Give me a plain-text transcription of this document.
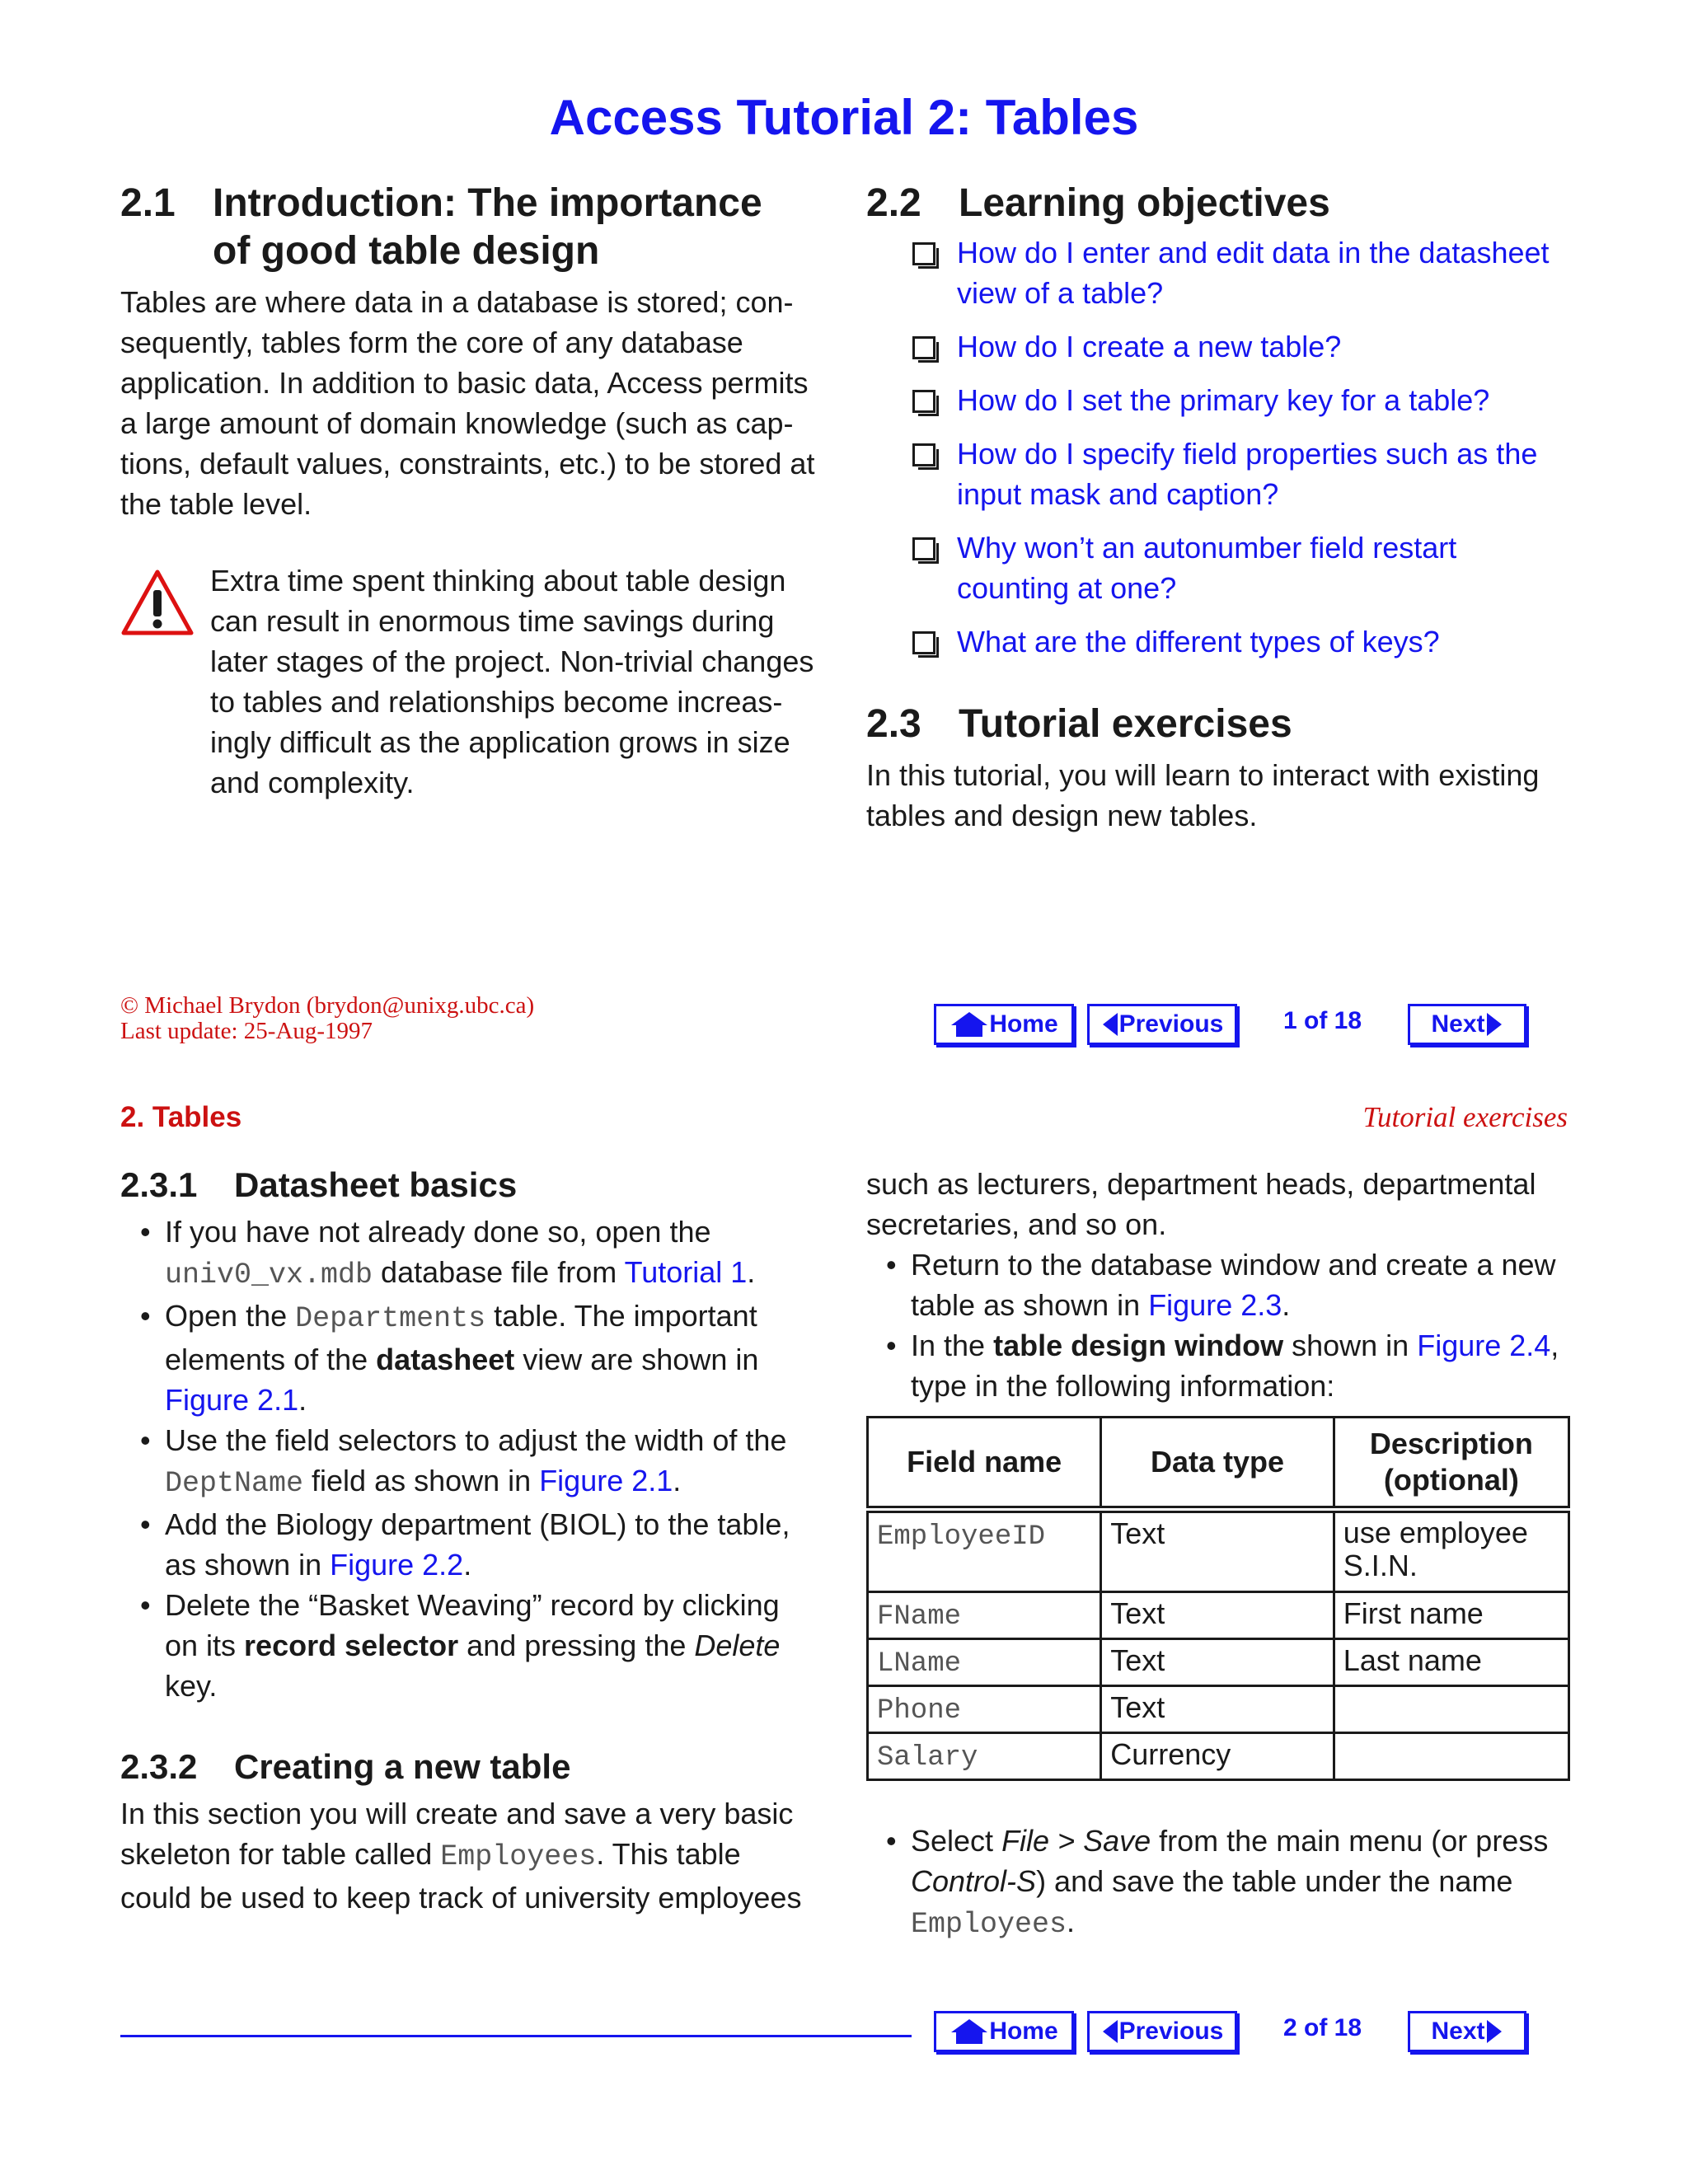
Access Tutorial 2: Tables
2.1 Introduction: The importance
of good table design

Tables are where data in a database is stored; con-

sequently, tables form the core of any database

application. In addition to basic data, Access permits

a large amount of domain knowledge (such as cap-

tions, default values, constraints, etc.) to be stored at

the table level.

Extra time spent thinking about table design

can result in enormous time savings during

later stages of the project. Non-trivial changes

to tables and relationships become increas-

ingly difficult as the application grows in size

and complexity.

2.2 Learning objectives
How do I enter and edit data in the datasheet
view of a table?
How do I create a new table?
How do I set the primary key for a table?
How do I specify field properties such as the
input mask and caption?
Why won’t an autonumber field restart
counting at one?
What are the different types of keys?
2.3 Tutorial exercises

In this tutorial, you will learn to interact with existing

tables and design new tables.

© Michael Brydon (brydon@unixg.ubc.ca)
Last update: 25-Aug-1997	Home Previous 1 of 18	Next
2. Tables	Tutorial exercises
2.3.1 Datasheet basics
• If you have not already done so, open the
univ0_vx.mdb database file from Tutorial 1.
• Open the Departments table. The important
elements of the datasheet view are shown in
Figure 2.1.
• Use the field selectors to adjust the width of the
DeptName field as shown in Figure 2.1.
• Add the Biology department (BIOL) to the table,
as shown in Figure 2.2.
• Delete the “Basket Weaving” record by clicking
on its record selector and pressing the Delete
key.
2.3.2 Creating a new table

In this section you will create and save a very basic

skeleton for table called Employees. This table

could be used to keep track of university employees

such as lecturers, department heads, departmental

secretaries, and so on.

• Return to the database window and create a new
table as shown in Figure 2.3.
• In the table design window shown in Figure 2.4,
type in the following information:
Field name	Data type	Description
(optional)
EmployeeID	Text	use employee
S.I.N.
FName	Text	First name
LName	Text	Last name
Phone	Text	
Salary	Currency	
• Select File > Save from the main menu (or press
Control-S) and save the table under the name
Employees.
Home Previous 2 of 18	Next
